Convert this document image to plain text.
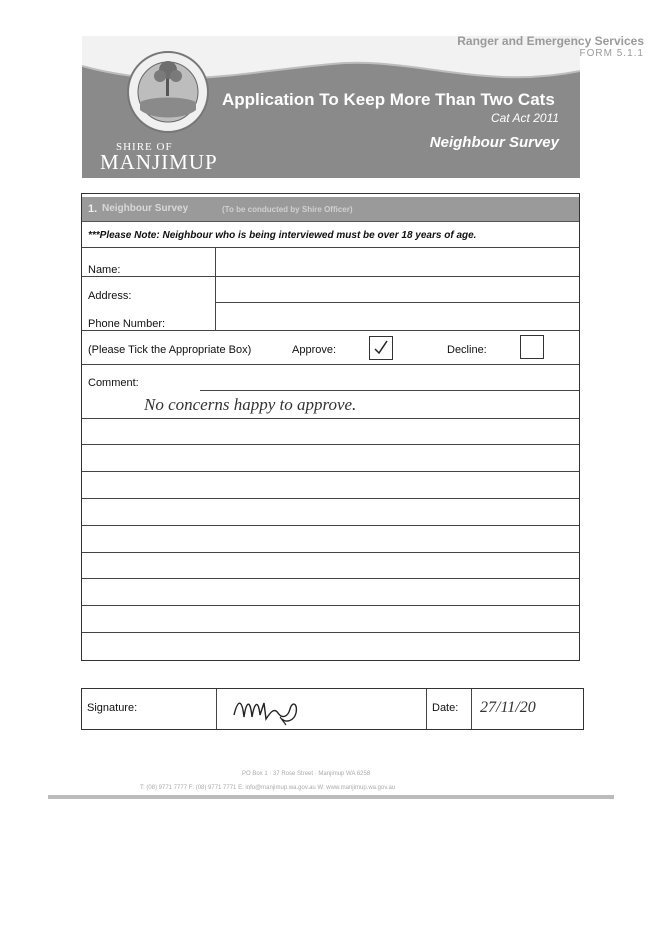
Ranger and Emergency Services
FORM 5.1.1
SHIRE OF
MANJIMUP
Application To Keep More Than Two Cats
Cat Act 2011
Neighbour Survey
1. Neighbour Survey	(To be conducted by Shire Officer)
***Please Note: Neighbour who is being interviewed must be over 18 years of age.
Name:
Address:
Phone Number:
(Please Tick the Appropriate Box)	Approve:	Decline:
Comment:
No concerns happy to approve.
Signature:	Date: 27/11/20
PO Box 1 · 37 Rose Street · Manjimup WA 6258
T: (08) 9771 7777 F: (08) 9771 7771 E: info@manjimup.wa.gov.au W: www.manjimup.wa.gov.au
